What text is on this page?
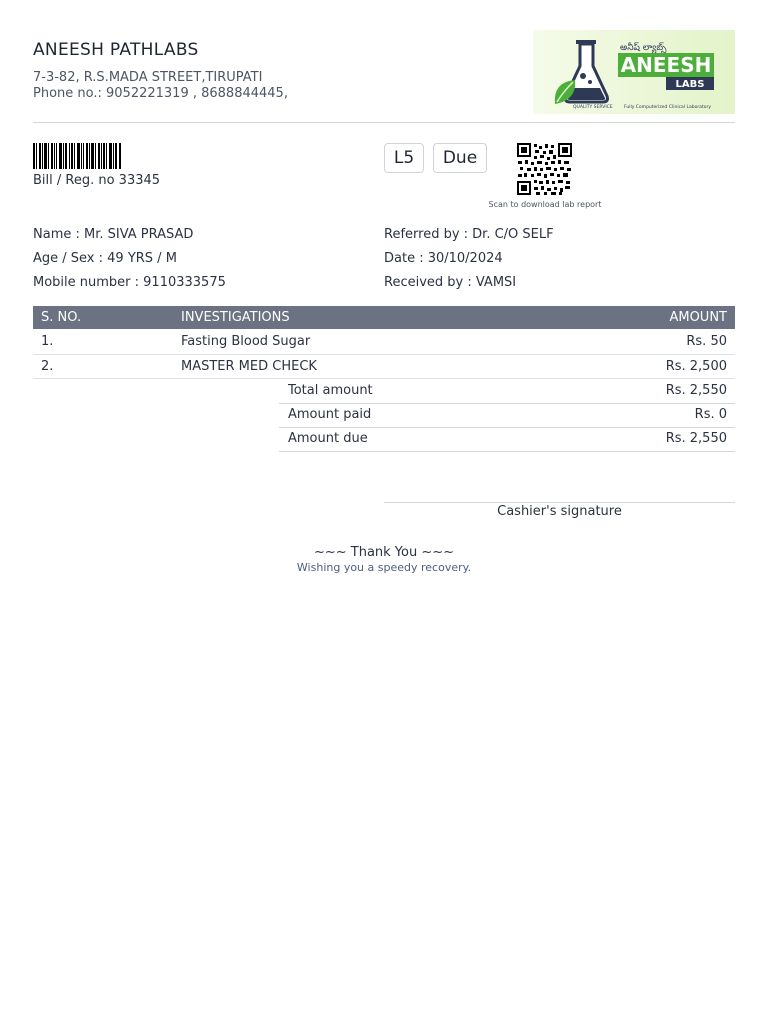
ANEESH PATHLABS
7-3-82, R.S.MADA STREET,TIRUPATI
Phone no.: 9052221319 , 8688844445,
అనీష్ ల్యాబ్స్
ANEESH
LABS
QUALITY SERVICE	Fully Computerized Clinical Laboratory
Bill / Reg. no 33345
L5	Due
Scan to download lab report
Name : Mr. SIVA PRASAD
Age / Sex : 49 YRS / M
Mobile number : 9110333575
Referred by : Dr. C/O SELF
Date : 30/10/2024
Received by : VAMSI
S. NO.	INVESTIGATIONS	AMOUNT
1.	Fasting Blood Sugar	Rs. 50
2.	MASTER MED CHECK	Rs. 2,500
Total amount	Rs. 2,550
Amount paid	Rs. 0
Amount due	Rs. 2,550
Cashier's signature
~~~ Thank You ~~~
Wishing you a speedy recovery.
